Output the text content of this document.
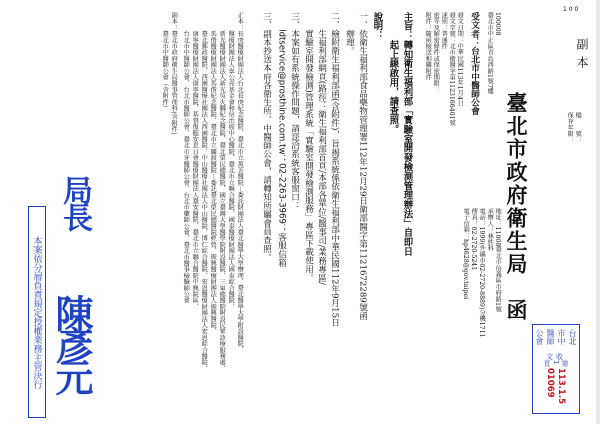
1 0 0
副本
檔　　號：
保存年限：
臺北市政府衛生局　函
地址：11008臺北市信義區市府路1號
承辦人：林姓科
電話：1999(外縣市02-2720-8889)分機1711
傳真：02-2720-5241
電子信箱：hp4628@gov.taipei
100008
臺北市中正區青島西路1號7樓
受文者：台北市中醫師公會
發文日期：中華民國113年1月4日
發文字號：北市衛醫字第1123166401號
速別：普通件
密等及解密條件或保密期限：
附件：隨函檢送相關附件
主旨：轉知衛生福利部「實驗室開發檢測管理辦法」自即日
　　　起上線啟用，請查照。
說明：
一、依衛生福利部食品藥物管理署112年12月29日衛部醫字第1121672289號函
　　辦理。
二、檢附衛生福利部函(含附件)，旨揭系統係依衛生福利部中華民國112年9月15日
　　生福利部網頁(路徑：衛生福利部首頁/本部各單位/醫事司/業務專區/
　　實驗室開發檢測)管理系統「實驗室開發檢測服務」專區下載使用。
三、本案如有系統操作問題，請逕洽系統客服窗口：
　　ldtservice@prosthine.com.tw；02-2263-3969；客服信箱
三、副本抄送本府各衛生所、中醫師公會，請轉知所屬會員查照。
正本：長庚醫療財團法人台北長庚紀念醫院、臺北市立萬芳醫院－委託財團法人臺北醫學大學辦理、臺北醫學大學附設醫院、
　　　醫療財團法人辜公亮基金會和信治癌中心醫院、臺北市立聯合醫院、國泰醫療財團法人國泰綜合醫院、
　　　新光醫療財團法人新光吳火獅紀念醫院、臺北榮民總醫院、國立臺灣大學醫學院附設醫院、三軍總醫院附設民眾診療服務處、
　　　馬偕醫療財團法人馬偕紀念醫院、臺北市立關渡醫院－委託臺北榮民總醫院經營、振興醫療財團法人振興醫院、
　　　臺北郵政醫院、西園醫療社團法人西園醫院、中山醫療社團法人中山醫院、博仁綜合醫院、宏恩醫療財團法人宏恩綜合醫院、
　　　康寧醫療財團法人康寧醫院、基督復臨安息日會醫療財團法人臺安醫院、臺北市立聯合醫院中興院區、
　　　台北市中醫師公會、台北市醫師公會、臺北市牙醫師公會、台北市藥師公會、臺北市醫事檢驗師公會
副本：臺北市政府衛生局醫事管理科(含附件)
　　　臺北市中醫師公會（含附件）
台北市中醫師公會
收文
第 1 頁
113.1.5　01069
局長
陳彥元
本案依分層負責規定授權業務主管決行
